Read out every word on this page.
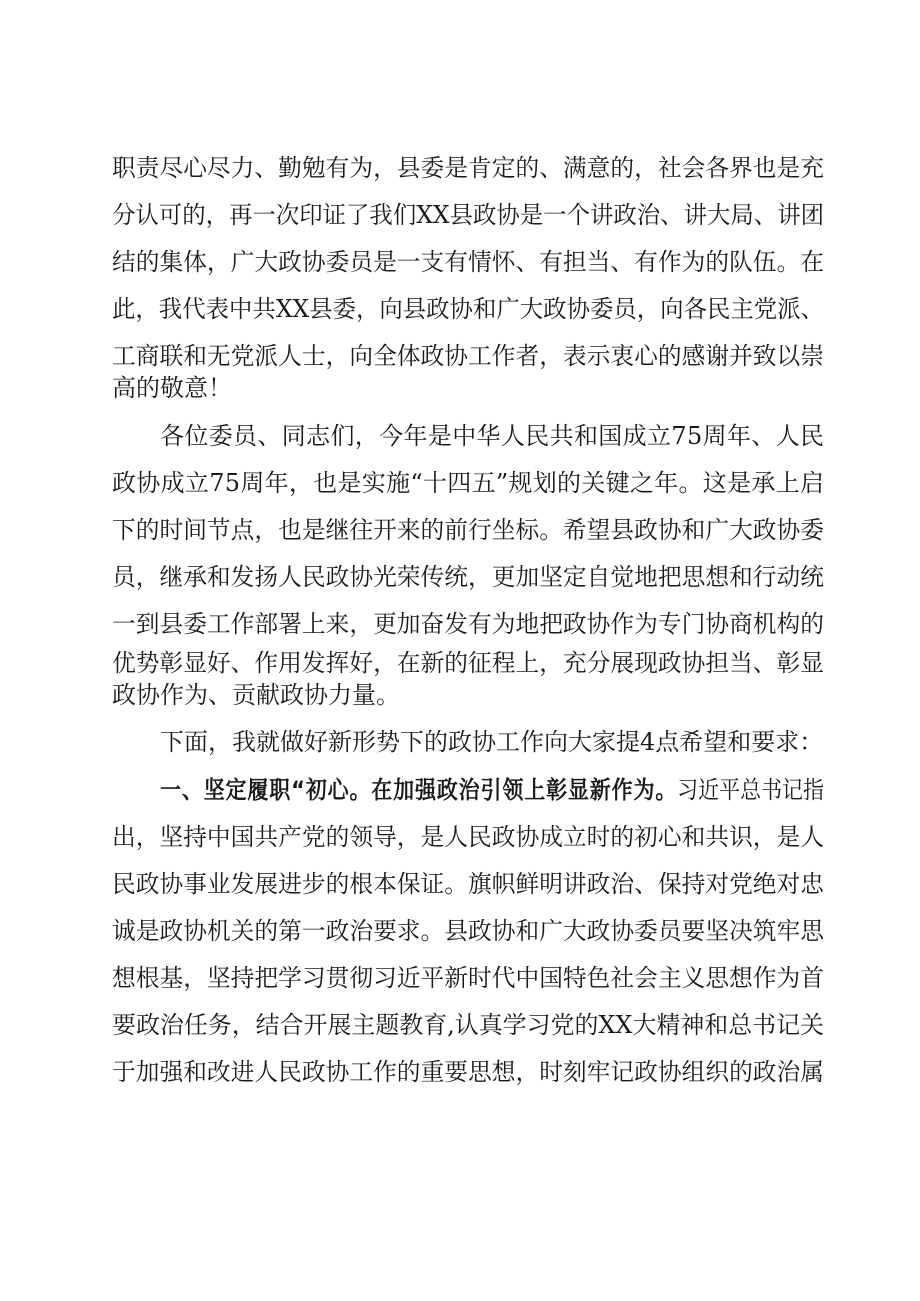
职责尽心尽力、勤勉有为，县委是肯定的、满意的，社会各界也是充
分认可的，再一次印证了我们XX县政协是一个讲政治、讲大局、讲团
结的集体，广大政协委员是一支有情怀、有担当、有作为的队伍。在
此，我代表中共XX县委，向县政协和广大政协委员，向各民主党派、
工商联和无党派人士，向全体政协工作者，表示衷心的感谢并致以崇
高的敬意！
各位委员、同志们，今年是中华人民共和国成立75周年、人民
政协成立75周年，也是实施“十四五”规划的关键之年。这是承上启
下的时间节点，也是继往开来的前行坐标。希望县政协和广大政协委
员，继承和发扬人民政协光荣传统，更加坚定自觉地把思想和行动统
一到县委工作部署上来，更加奋发有为地把政协作为专门协商机构的
优势彰显好、作用发挥好，在新的征程上，充分展现政协担当、彰显
政协作为、贡献政协力量。
下面，我就做好新形势下的政协工作向大家提4点希望和要求：
一、坚定履职“初心。在加强政治引领上彰显新作为。习近平总书记指
出，坚持中国共产党的领导，是人民政协成立时的初心和共识，是人
民政协事业发展进步的根本保证。旗帜鲜明讲政治、保持对党绝对忠
诚是政协机关的第一政治要求。县政协和广大政协委员要坚决筑牢思
想根基，坚持把学习贯彻习近平新时代中国特色社会主义思想作为首
要政治任务，结合开展主题教育,认真学习党的XX大精神和总书记关
于加强和改进人民政协工作的重要思想，时刻牢记政协组织的政治属
